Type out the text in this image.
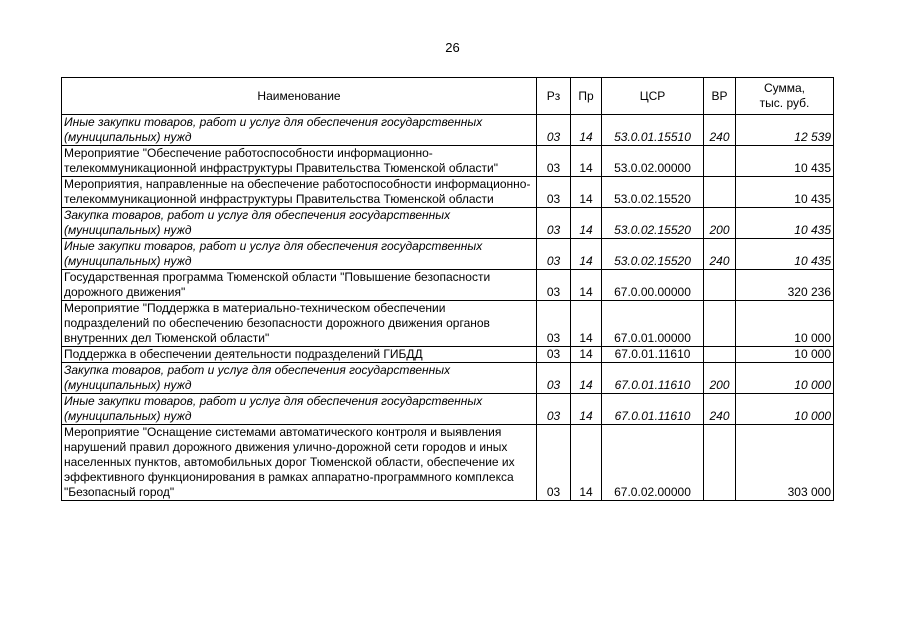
26
Наименование	Рз	Пр	ЦСР	ВР	Сумма,
тыс. руб.

Иные закупки товаров, работ и услуг для обеспечения государственных (муниципальных) нужд	03	14	53.0.01.15510	240	12 539
Мероприятие "Обеспечение работоспособности информационно-телекоммуникационной инфраструктуры Правительства Тюменской области"	03	14	53.0.02.00000		10 435
Мероприятия, направленные на обеспечение работоспособности информационно-телекоммуникационной инфраструктуры Правительства Тюменской области	03	14	53.0.02.15520		10 435
Закупка товаров, работ и услуг для обеспечения государственных (муниципальных) нужд	03	14	53.0.02.15520	200	10 435
Иные закупки товаров, работ и услуг для обеспечения государственных (муниципальных) нужд	03	14	53.0.02.15520	240	10 435
Государственная программа Тюменской области "Повышение безопасности дорожного движения"	03	14	67.0.00.00000		320 236
Мероприятие "Поддержка в материально-техническом обеспечении подразделений по обеспечению безопасности дорожного движения органов внутренних дел Тюменской области"	03	14	67.0.01.00000		10 000
Поддержка в обеспечении деятельности подразделений ГИБДД	03	14	67.0.01.11610		10 000
Закупка товаров, работ и услуг для обеспечения государственных (муниципальных) нужд	03	14	67.0.01.11610	200	10 000
Иные закупки товаров, работ и услуг для обеспечения государственных (муниципальных) нужд	03	14	67.0.01.11610	240	10 000
Мероприятие "Оснащение системами автоматического контроля и выявления нарушений правил дорожного движения улично-дорожной сети городов и иных населенных пунктов, автомобильных дорог Тюменской области, обеспечение их эффективного функционирования в рамках аппаратно-программного комплекса "Безопасный город"	03	14	67.0.02.00000		303 000
